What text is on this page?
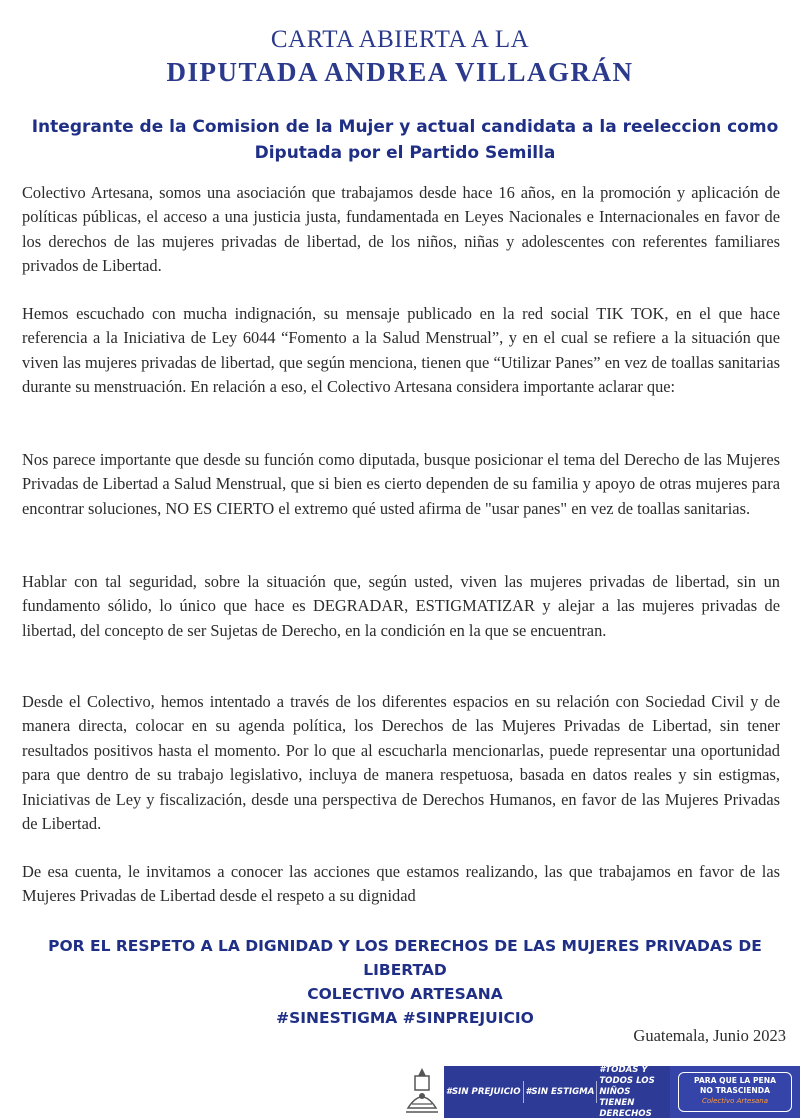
CARTA ABIERTA A LA
DIPUTADA ANDREA VILLAGRÁN
Integrante de la Comision de la Mujer y actual candidata a la reeleccion como
Diputada por el Partido Semilla

Colectivo Artesana, somos una asociación que trabajamos desde hace 16 años, en la promoción y aplicación de políticas públicas, el acceso a una justicia justa, fundamentada en Leyes Nacionales e Internacionales en favor de los derechos de las mujeres privadas de libertad, de los niños, niñas y adolescentes con referentes familiares privados de Libertad.

Hemos escuchado con mucha indignación, su mensaje publicado en la red social TIK TOK, en el que hace referencia a la Iniciativa de Ley 6044 “Fomento a la Salud Menstrual”, y en el cual se refiere a la situación que viven las mujeres privadas de libertad, que según menciona, tienen que “Utilizar Panes” en vez de toallas sanitarias durante su menstruación. En relación a eso, el Colectivo Artesana considera importante aclarar que:

Nos parece importante que desde su función como diputada, busque posicionar el tema del Derecho de las Mujeres Privadas de Libertad a Salud Menstrual, que si bien es cierto dependen de su familia y apoyo de otras mujeres para encontrar soluciones, NO ES CIERTO el extremo qué usted afirma de "usar panes" en vez de toallas sanitarias.

Hablar con tal seguridad, sobre la situación que, según usted, viven las mujeres privadas de libertad, sin un fundamento sólido, lo único que hace es DEGRADAR, ESTIGMATIZAR y alejar a las mujeres privadas de libertad, del concepto de ser Sujetas de Derecho, en la condición en la que se encuentran.

Desde el Colectivo, hemos intentado a través de los diferentes espacios en su relación con Sociedad Civil y de manera directa, colocar en su agenda política, los Derechos de las Mujeres Privadas de Libertad, sin tener resultados positivos hasta el momento. Por lo que al escucharla mencionarlas, puede representar una oportunidad para que dentro de su trabajo legislativo, incluya de manera respetuosa, basada en datos reales y sin estigmas, Iniciativas de Ley y fiscalización, desde una perspectiva de Derechos Humanos, en favor de las Mujeres Privadas de Libertad.

De esa cuenta, le invitamos a conocer las acciones que estamos realizando, las que trabajamos en favor de las Mujeres Privadas de Libertad desde el respeto a su dignidad

POR EL RESPETO A LA DIGNIDAD Y LOS DERECHOS DE LAS MUJERES PRIVADAS DE
LIBERTAD
COLECTIVO ARTESANA
#SINESTIGMA #SINPREJUICIO
Guatemala, Junio 2023
#SIN PREJUICIO #SIN ESTIGMA
#TODAS Y TODOS LOS NIÑOS TIENEN DERECHOS
PARA QUE LA PENA
NO TRASCIENDA
Colectivo Artesana
